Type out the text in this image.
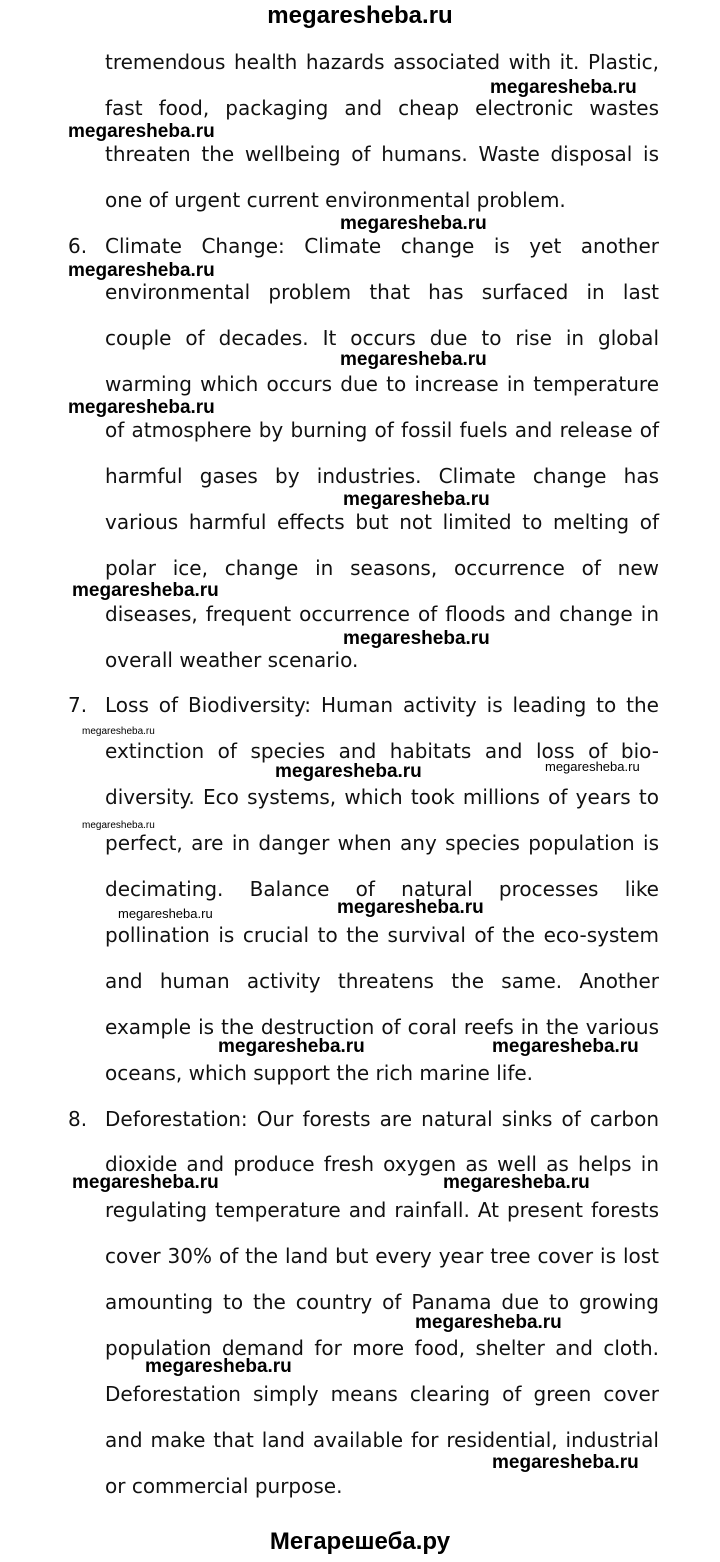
megaresheba.ru
tremendous health hazards associated with it. Plastic,
fast food, packaging and cheap electronic wastes
threaten the wellbeing of humans. Waste disposal is
one of urgent current environmental problem.
6. Climate Change: Climate change is yet another
environmental problem that has surfaced in last
couple of decades. It occurs due to rise in global
warming which occurs due to increase in temperature
of atmosphere by burning of fossil fuels and release of
harmful gases by industries. Climate change has
various harmful effects but not limited to melting of
polar ice, change in seasons, occurrence of new
diseases, frequent occurrence of floods and change in
overall weather scenario.
7. Loss of Biodiversity: Human activity is leading to the
extinction of species and habitats and loss of bio-
diversity. Eco systems, which took millions of years to
perfect, are in danger when any species population is
decimating. Balance of natural processes like
pollination is crucial to the survival of the eco-system
and human activity threatens the same. Another
example is the destruction of coral reefs in the various
oceans, which support the rich marine life.
8. Deforestation: Our forests are natural sinks of carbon
dioxide and produce fresh oxygen as well as helps in
regulating temperature and rainfall. At present forests
cover 30% of the land but every year tree cover is lost
amounting to the country of Panama due to growing
population demand for more food, shelter and cloth.
Deforestation simply means clearing of green cover
and make that land available for residential, industrial
or commercial purpose.
megaresheba.ru
megaresheba.ru
megaresheba.ru
megaresheba.ru
megaresheba.ru
megaresheba.ru
megaresheba.ru
megaresheba.ru
megaresheba.ru
megaresheba.ru
megaresheba.ru	megaresheba.ru
megaresheba.ru
megaresheba.ru
megaresheba.ru
megaresheba.ru	megaresheba.ru
megaresheba.ru	megaresheba.ru
megaresheba.ru
megaresheba.ru
megaresheba.ru
Мегарешеба.ру
